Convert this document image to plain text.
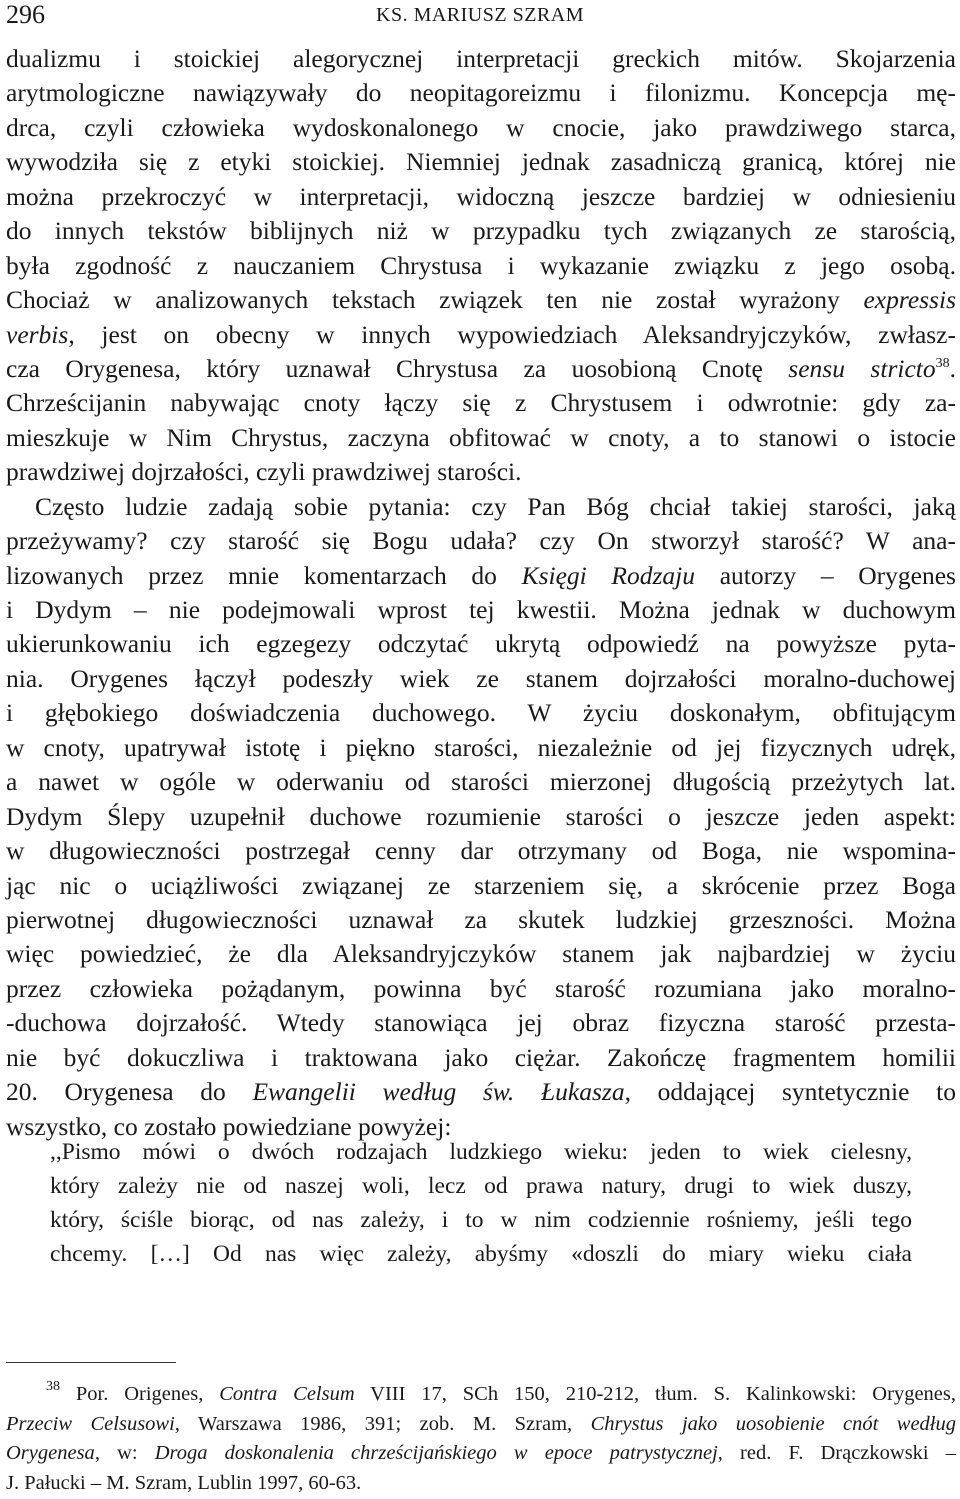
296	KS. MARIUSZ SZRAM
dualizmu i stoickiej alegorycznej interpretacji greckich mitów. Skojarzenia
arytmologiczne nawiązywały do neopitagoreizmu i filonizmu. Koncepcja mę-
drca, czyli człowieka wydoskonalonego w cnocie, jako prawdziwego starca,
wywodziła się z etyki stoickiej. Niemniej jednak zasadniczą granicą, której nie
można przekroczyć w interpretacji, widoczną jeszcze bardziej w odniesieniu
do innych tekstów biblijnych niż w przypadku tych związanych ze starością,
była zgodność z nauczaniem Chrystusa i wykazanie związku z jego osobą.
Chociaż w analizowanych tekstach związek ten nie został wyrażony expressis
verbis, jest on obecny w innych wypowiedziach Aleksandryjczyków, zwłasz-
cza Orygenesa, który uznawał Chrystusa za uosobioną Cnotę sensu stricto$^{38}$.
Chrześcijanin nabywając cnoty łączy się z Chrystusem i odwrotnie: gdy za-
mieszkuje w Nim Chrystus, zaczyna obfitować w cnoty, a to stanowi o istocie
prawdziwej dojrzałości, czyli prawdziwej starości.
Często ludzie zadają sobie pytania: czy Pan Bóg chciał takiej starości, jaką
przeżywamy? czy starość się Bogu udała? czy On stworzył starość? W ana-
lizowanych przez mnie komentarzach do Księgi Rodzaju autorzy – Orygenes
i Dydym – nie podejmowali wprost tej kwestii. Można jednak w duchowym
ukierunkowaniu ich egzegezy odczytać ukrytą odpowiedź na powyższe pyta-
nia. Orygenes łączył podeszły wiek ze stanem dojrzałości moralno-duchowej
i głębokiego doświadczenia duchowego. W życiu doskonałym, obfitującym
w cnoty, upatrywał istotę i piękno starości, niezależnie od jej fizycznych udręk,
a nawet w ogóle w oderwaniu od starości mierzonej długością przeżytych lat.
Dydym Ślepy uzupełnił duchowe rozumienie starości o jeszcze jeden aspekt:
w długowieczności postrzegał cenny dar otrzymany od Boga, nie wspomina-
jąc nic o uciążliwości związanej ze starzeniem się, a skrócenie przez Boga
pierwotnej długowieczności uznawał za skutek ludzkiej grzeszności. Można
więc powiedzieć, że dla Aleksandryjczyków stanem jak najbardziej w życiu
przez człowieka pożądanym, powinna być starość rozumiana jako moralno-
-duchowa dojrzałość. Wtedy stanowiąca jej obraz fizyczna starość przesta-
nie być dokuczliwa i traktowana jako ciężar. Zakończę fragmentem homilii
20. Orygenesa do Ewangelii według św. Łukasza, oddającej syntetycznie to
wszystko, co zostało powiedziane powyżej:
,,Pismo mówi o dwóch rodzajach ludzkiego wieku: jeden to wiek cielesny,
który zależy nie od naszej woli, lecz od prawa natury, drugi to wiek duszy,
który, ściśle biorąc, od nas zależy, i to w nim codziennie rośniemy, jeśli tego
chcemy. […] Od nas więc zależy, abyśmy «doszli do miary wieku ciała
$^{38}$ Por. Origenes, Contra Celsum VIII 17, SCh 150, 210-212, tłum. S. Kalinkowski: Orygenes,
Przeciw Celsusowi, Warszawa 1986, 391; zob. M. Szram, Chrystus jako uosobienie cnót według
Orygenesa, w: Droga doskonalenia chrześcijańskiego w epoce patrystycznej, red. F. Drączkowski –
J. Pałucki – M. Szram, Lublin 1997, 60-63.
